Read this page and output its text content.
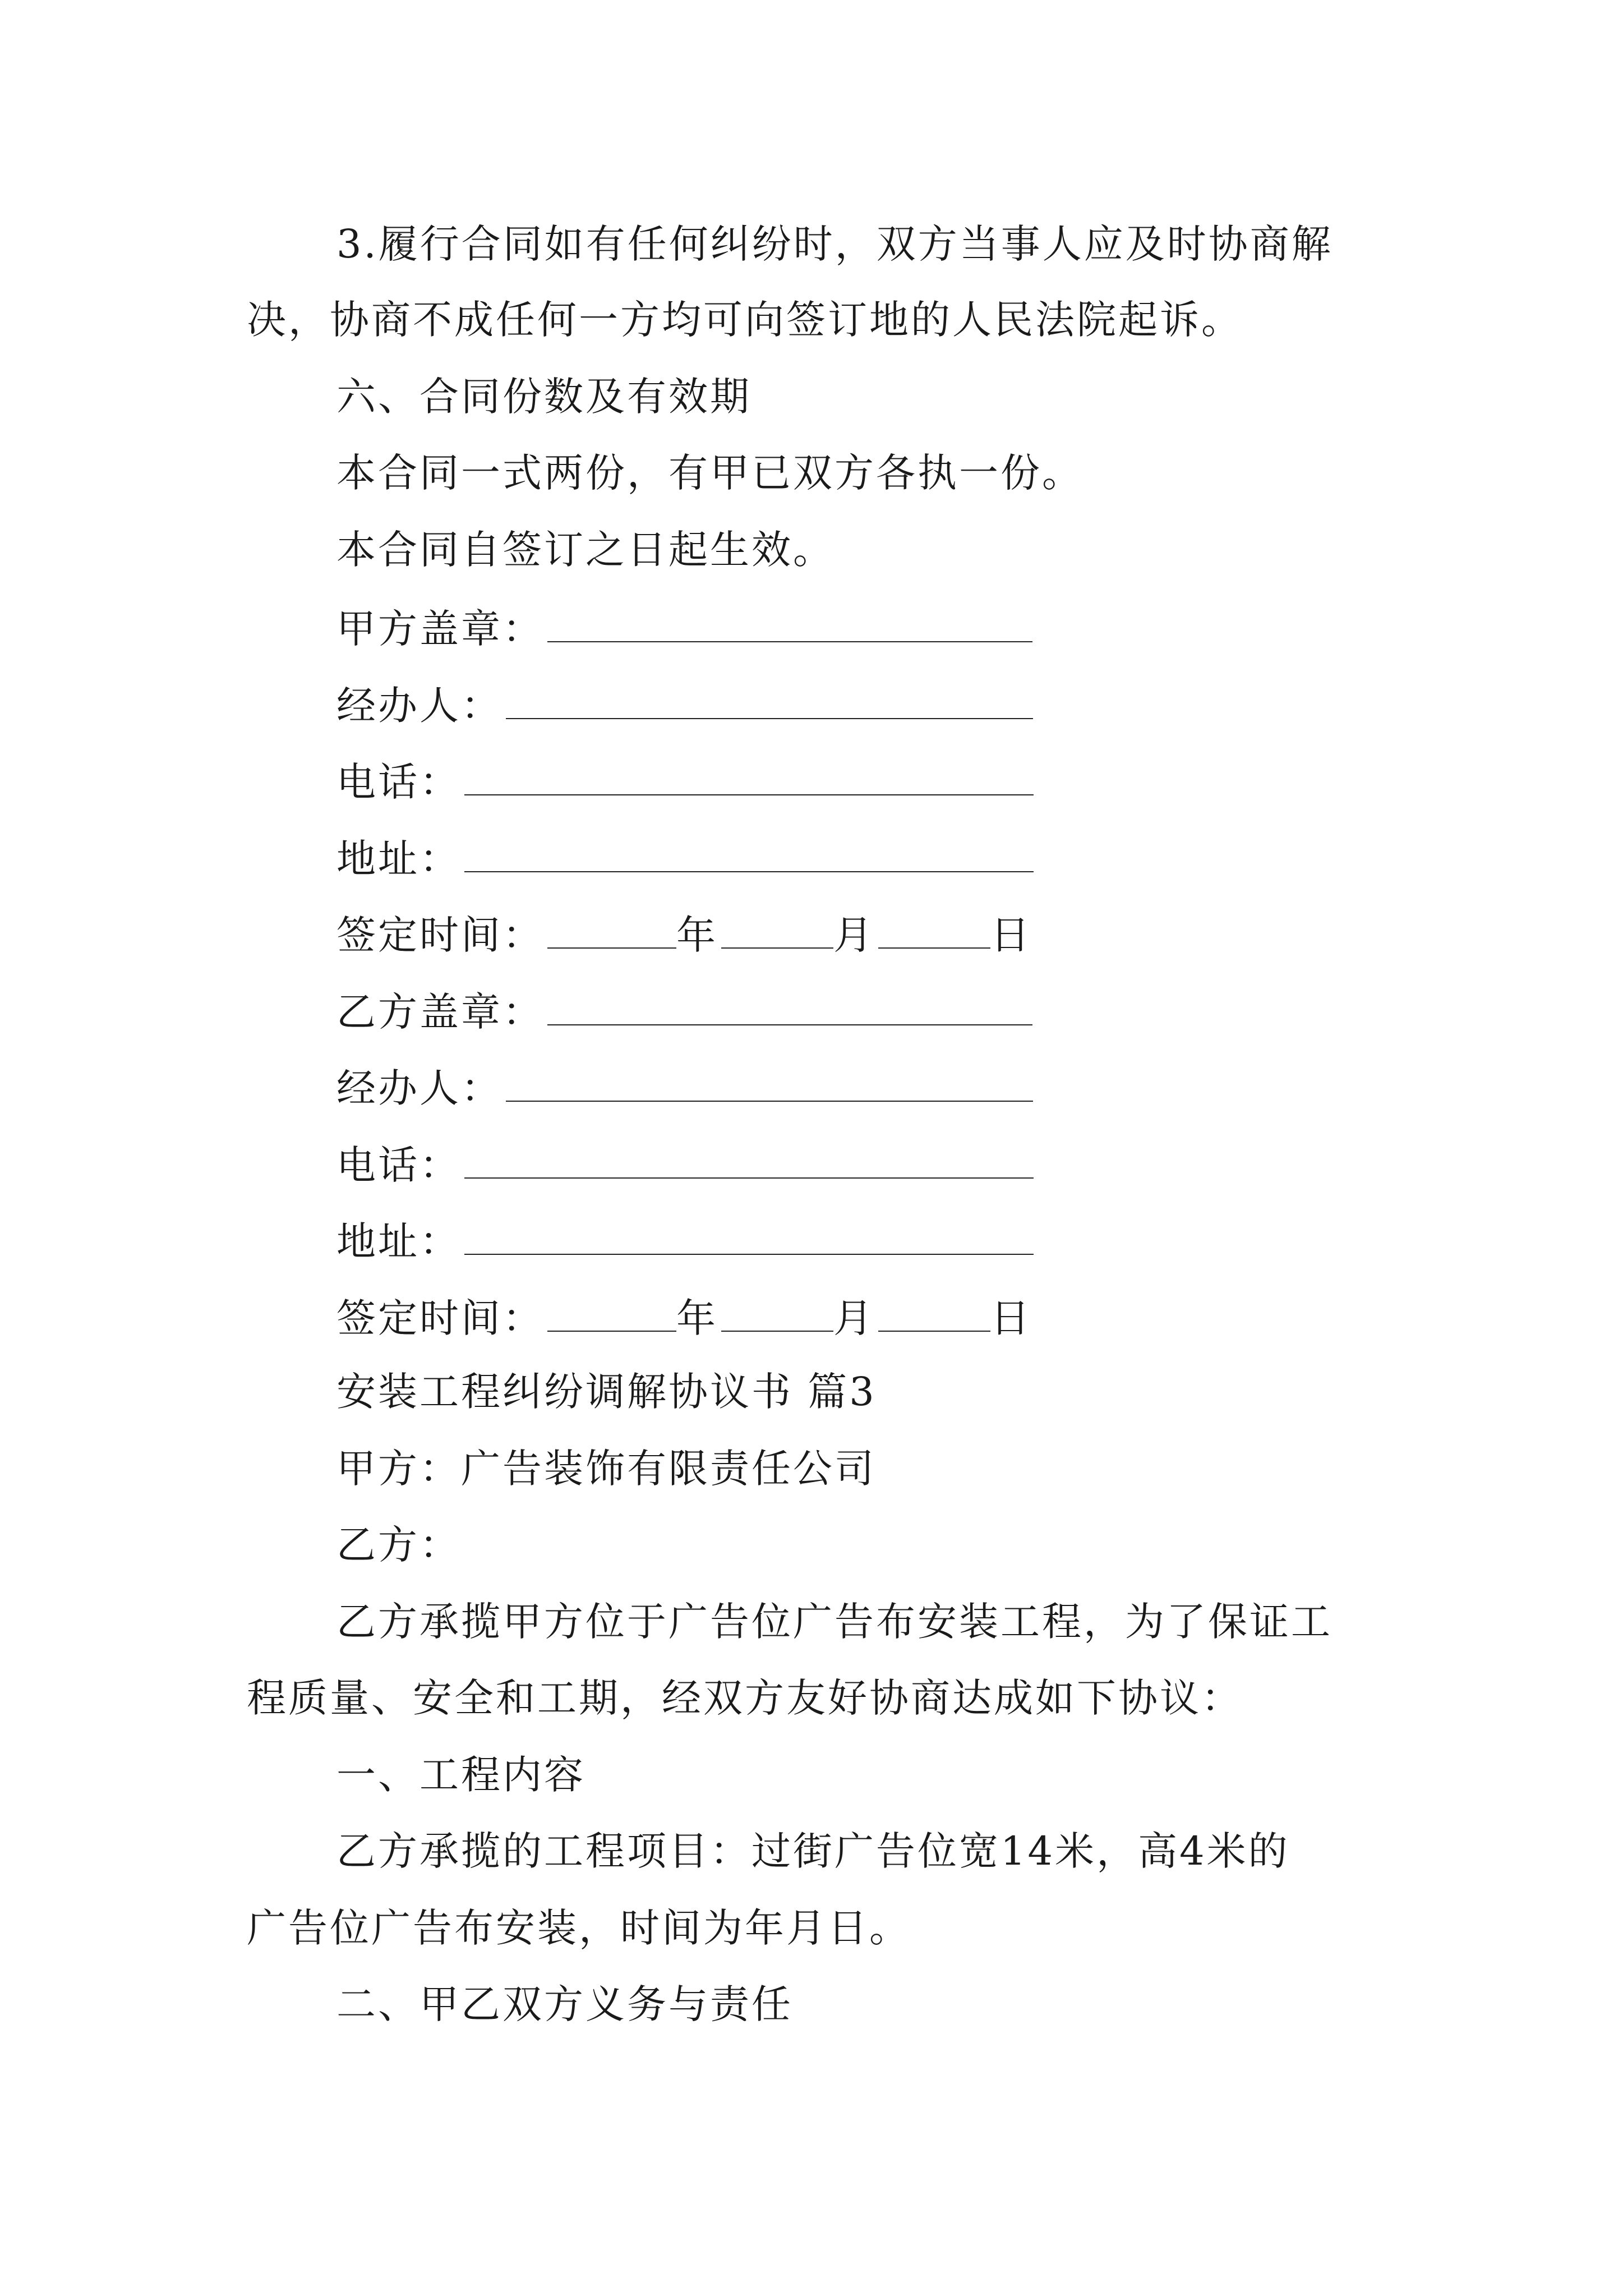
3.履行合同如有任何纠纷时，双方当事人应及时协商解
决，协商不成任何一方均可向签订地的人民法院起诉。
六、合同份数及有效期
本合同一式两份，有甲已双方各执一份。
本合同自签订之日起生效。
甲方盖章：
经办人：
电话：
地址：
签定时间：	年	月	日
乙方盖章：
经办人：
电话：
地址：
签定时间：	年	月	日
安装工程纠纷调解协议书 篇3
甲方：广告装饰有限责任公司
乙方：
乙方承揽甲方位于广告位广告布安装工程，为了保证工
程质量、安全和工期，经双方友好协商达成如下协议：
一、工程内容
乙方承揽的工程项目：过街广告位宽14米，高4米的
广告位广告布安装，时间为年月日。
二、甲乙双方义务与责任
